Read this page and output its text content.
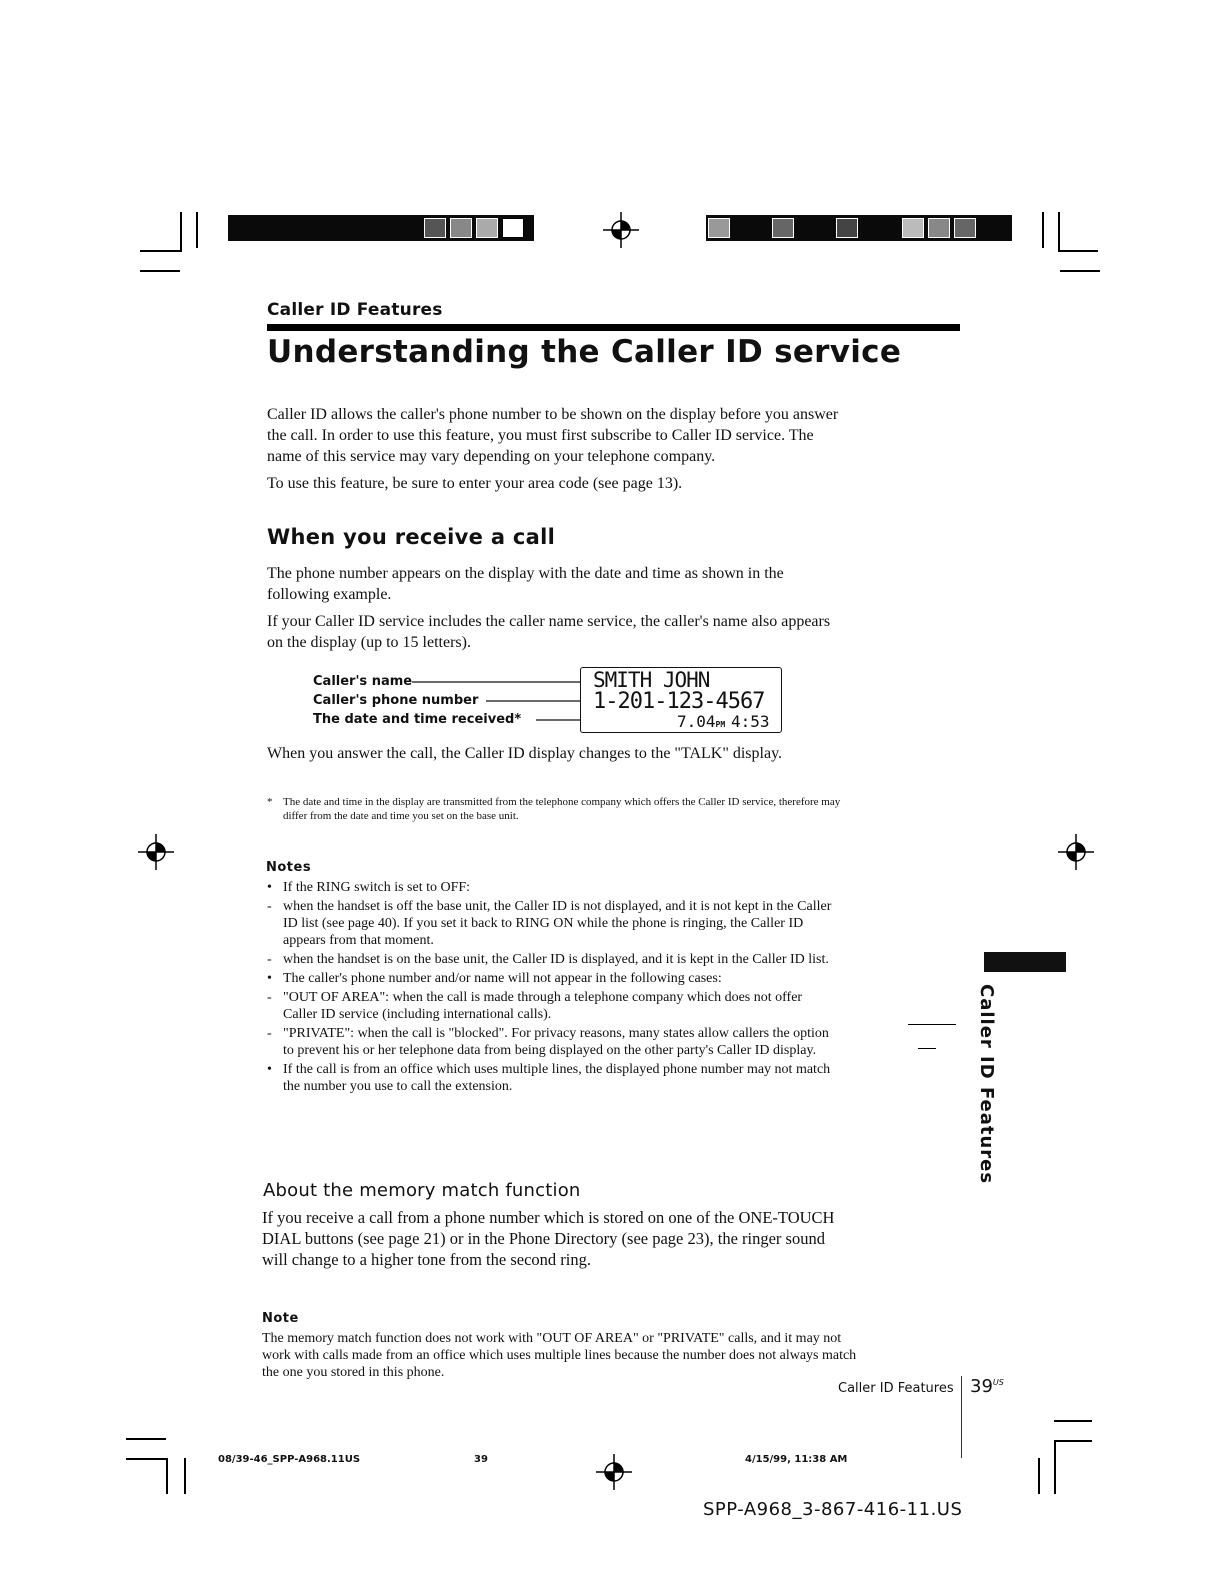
Caller ID Features
Understanding the Caller ID service

Caller ID allows the caller's phone number to be shown on the display before you answer the call. In order to use this feature, you must first subscribe to Caller ID service. The name of this service may vary depending on your telephone company.

To use this feature, be sure to enter your area code (see page 13).

When you receive a call

The phone number appears on the display with the date and time as shown in the following example.

If your Caller ID service includes the caller name service, the caller's name also appears on the display (up to 15 letters).

Caller's name
Caller's phone number
The date and time received*
SMITH JOHN
1-201-123-4567
7.04PM 4:53
When you answer the call, the Caller ID display changes to the "TALK" display.
* The date and time in the display are transmitted from the telephone company which offers the Caller ID service, therefore may differ from the date and time you set on the base unit.
Notes
• If the RING switch is set to OFF:
- when the handset is off the base unit, the Caller ID is not displayed, and it is not kept in the Caller ID list (see page 40). If you set it back to RING ON while the phone is ringing, the Caller ID appears from that moment.
- when the handset is on the base unit, the Caller ID is displayed, and it is kept in the Caller ID list.
• The caller's phone number and/or name will not appear in the following cases:
- "OUT OF AREA": when the call is made through a telephone company which does not offer Caller ID service (including international calls).
- "PRIVATE": when the call is "blocked". For privacy reasons, many states allow callers the option to prevent his or her telephone data from being displayed on the other party's Caller ID display.
• If the call is from an office which uses multiple lines, the displayed phone number may not match the number you use to call the extension.
About the memory match function
If you receive a call from a phone number which is stored on one of the ONE-TOUCH DIAL buttons (see page 21) or in the Phone Directory (see page 23), the ringer sound will change to a higher tone from the second ring.
Note
The memory match function does not work with "OUT OF AREA" or "PRIVATE" calls, and it may not work with calls made from an office which uses multiple lines because the number does not always match the one you stored in this phone.
Caller ID Features
Caller ID Features $39^{US}$
08/39-46_SPP-A968.11US	39	4/15/99, 11:38 AM
SPP-A968_3-867-416-11.US
